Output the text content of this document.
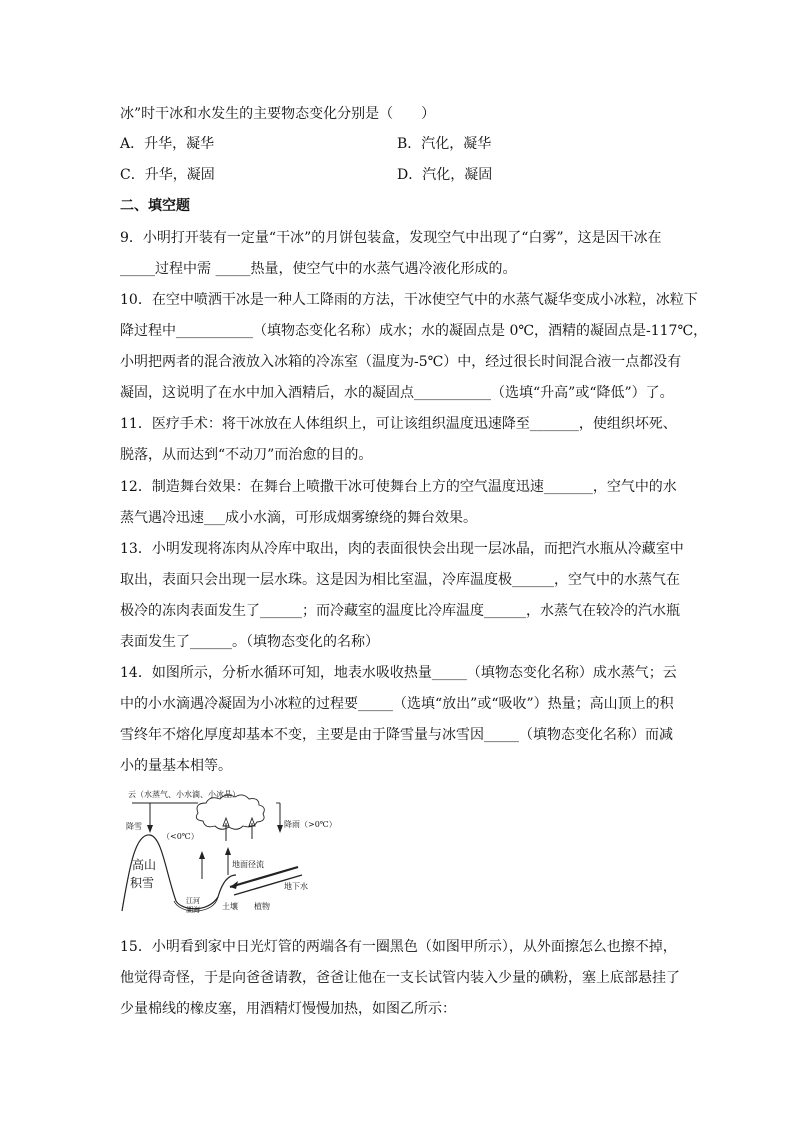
冰”时干冰和水发生的主要物态变化分别是（　　）
A．升华，凝华	B．汽化，凝华
C．升华，凝固	D．汽化，凝固
二、填空题
9．小明打开装有一定量“干冰”的月饼包装盒，发现空气中出现了“白雾”，这是因干冰在
_____过程中需 _____热量，使空气中的水蒸气遇冷液化形成的。
10．在空中喷洒干冰是一种人工降雨的方法，干冰使空气中的水蒸气凝华变成小冰粒，冰粒下
降过程中___________（填物态变化名称）成水；水的凝固点是 0℃，酒精的凝固点是-117℃，
小明把两者的混合液放入冰箱的冷冻室（温度为-5℃）中，经过很长时间混合液一点都没有
凝固，这说明了在水中加入酒精后，水的凝固点___________（选填“升高”或“降低”）了。
11．医疗手术：将干冰放在人体组织上，可让该组织温度迅速降至_______，使组织坏死、
脱落，从而达到“不动刀”而治愈的目的。
12．制造舞台效果：在舞台上喷撒干冰可使舞台上方的空气温度迅速_______，空气中的水
蒸气遇冷迅速___成小水滴，可形成烟雾缭绕的舞台效果。
13．小明发现将冻肉从冷库中取出，肉的表面很快会出现一层冰晶，而把汽水瓶从冷藏室中
取出，表面只会出现一层水珠。这是因为相比室温，冷库温度极______，空气中的水蒸气在
极冷的冻肉表面发生了______；而冷藏室的温度比冷库温度______，水蒸气在较冷的汽水瓶
表面发生了______。（填物态变化的名称）
14．如图所示，分析水循环可知，地表水吸收热量_____（填物态变化名称）成水蒸气；云
中的小水滴遇冷凝固为小冰粒的过程要_____（选填“放出”或“吸收”）热量；高山顶上的积
雪终年不熔化厚度却基本不变，主要是由于降雪量与冰雪因_____（填物态变化名称）而减
小的量基本相等。
云（水蒸气、小水滴、小冰晶）
降雪
（<0℃）
降雨（>0℃）
高山
积雪
江河
湖海
地面径流
地下水
土壤 植物
15．小明看到家中日光灯管的两端各有一圈黑色（如图甲所示），从外面擦怎么也擦不掉，
他觉得奇怪，于是向爸爸请教，爸爸让他在一支长试管内装入少量的碘粉，塞上底部悬挂了
少量棉线的橡皮塞，用酒精灯慢慢加热，如图乙所示：
